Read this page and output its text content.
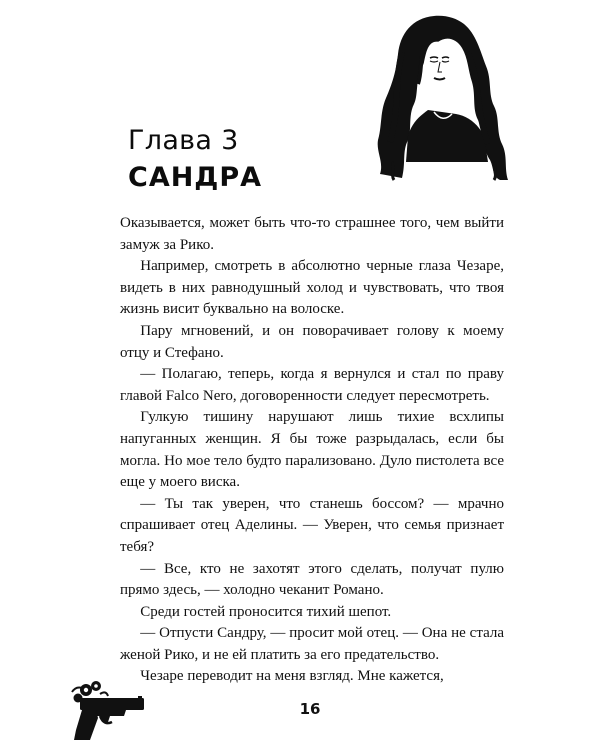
Глава 3
САНДРА

Оказывается, может быть что-то страшнее того, чем выйти замуж за Рико.

Например, смотреть в абсолютно черные глаза Чезаре, видеть в них равнодушный холод и чувствовать, что твоя жизнь висит буквально на волоске.

Пару мгновений, и он поворачивает голову к моему отцу и Стефано.

— Полагаю, теперь, когда я вернулся и стал по праву главой Falco Nero, договоренности следует пересмотреть.

Гулкую тишину нарушают лишь тихие всхлипы напуганных женщин. Я бы тоже разрыдалась, если бы могла. Но мое тело будто парализовано. Дуло пистолета все еще у моего виска.

— Ты так уверен, что станешь боссом? — мрачно спрашивает отец Аделины. — Уверен, что семья признает тебя?

— Все, кто не захотят этого сделать, получат пулю прямо здесь, — холодно чеканит Романо.

Среди гостей проносится тихий шепот.

— Отпусти Сандру, — просит мой отец. — Она не стала женой Рико, и не ей платить за его предательство.

Чезаре переводит на меня взгляд. Мне кажется,

16
